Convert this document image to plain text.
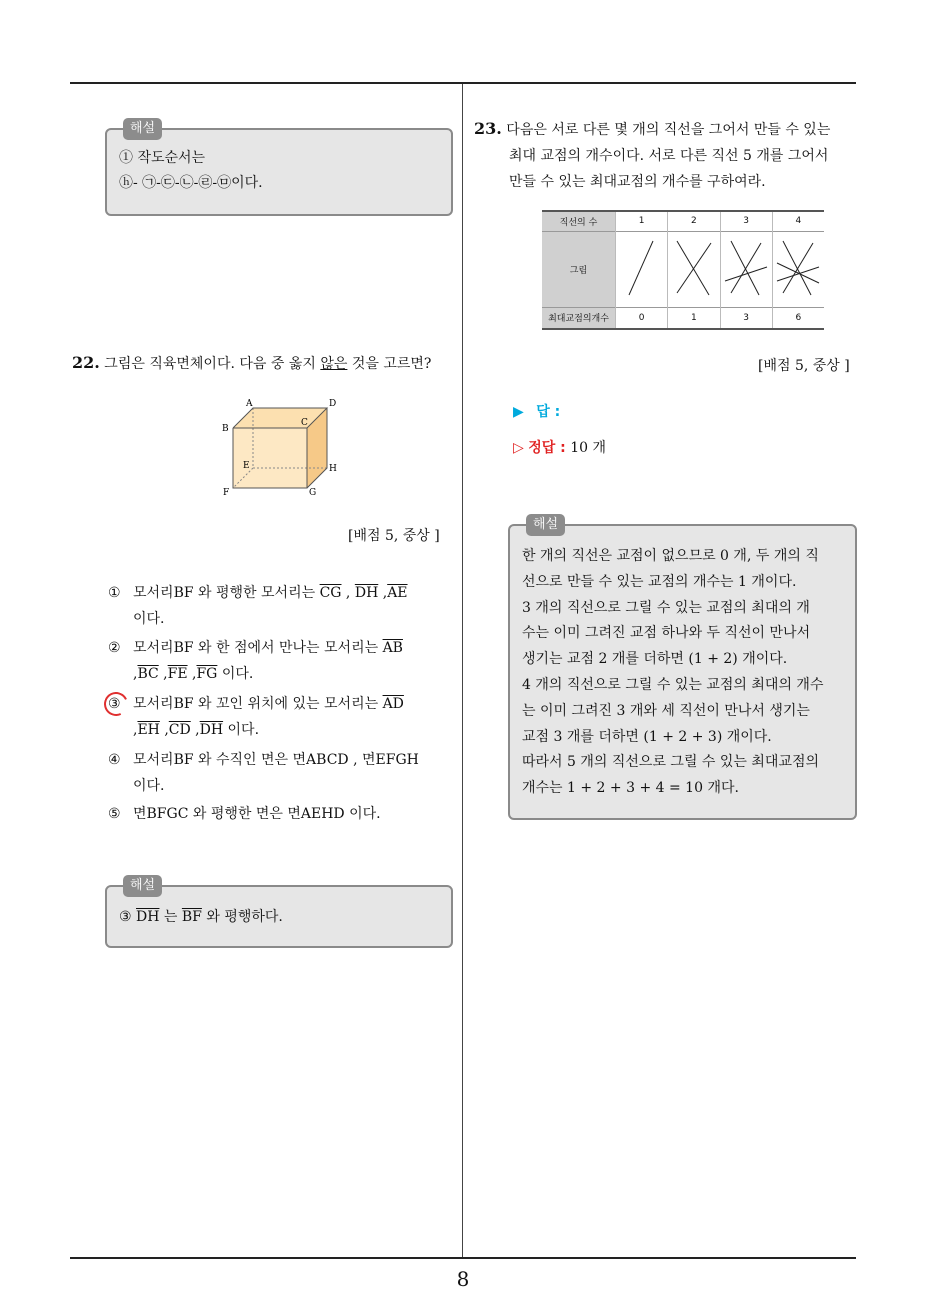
해설
① 작도순서는
ⓗ- ㉠-㉢-㉡-㉣-㉤이다.
22. 그림은 직육면체이다. 다음 중 옳지 않은 것을 고르면?
A	D
B
C
E	H
F	G
[배점 5, 중상 ]
① 모서리BF 와 평행한 모서리는 $\overline{CG}$ , $\overline{DH}$ $,\overline{AE}$
이다.
② 모서리BF 와 한 점에서 만나는 모서리는 $\overline{AB}$
$,\overline{BC}$ $,\overline{FE}$ $,\overline{FG}$ 이다.
③ 모서리BF 와 꼬인 위치에 있는 모서리는 $\overline{AD}$
$,\overline{EH}$ $,\overline{CD}$ $,\overline{DH}$ 이다.
④ 모서리BF 와 수직인 면은 면ABCD , 면EFGH
이다.
⑤ 면BFGC 와 평행한 면은 면AEHD 이다.
해설
③ $\overline{DH}$ 는 $\overline{BF}$ 와 평행하다.
23. 다음은 서로 다른 몇 개의 직선을 그어서 만들 수 있는
최대 교점의 개수이다. 서로 다른 직선 5 개를 그어서
만들 수 있는 최대교점의 개수를 구하여라.
직선의 수	1	2	3	4
그림				
최대교점의개수	0	1	3	6
[배점 5, 중상 ]
▶ 답 :
▷ 정답 : 10 개
해설
한 개의 직선은 교점이 없으므로 0 개, 두 개의 직
선으로 만들 수 있는 교점의 개수는 1 개이다.
3 개의 직선으로 그릴 수 있는 교점의 최대의 개
수는 이미 그려진 교점 하나와 두 직선이 만나서
생기는 교점 2 개를 더하면 (1 + 2) 개이다.
4 개의 직선으로 그릴 수 있는 교점의 최대의 개수
는 이미 그려진 3 개와 세 직선이 만나서 생기는
교점 3 개를 더하면 (1 + 2 + 3) 개이다.
따라서 5 개의 직선으로 그릴 수 있는 최대교점의
개수는 1 + 2 + 3 + 4 = 10 개다.
8
